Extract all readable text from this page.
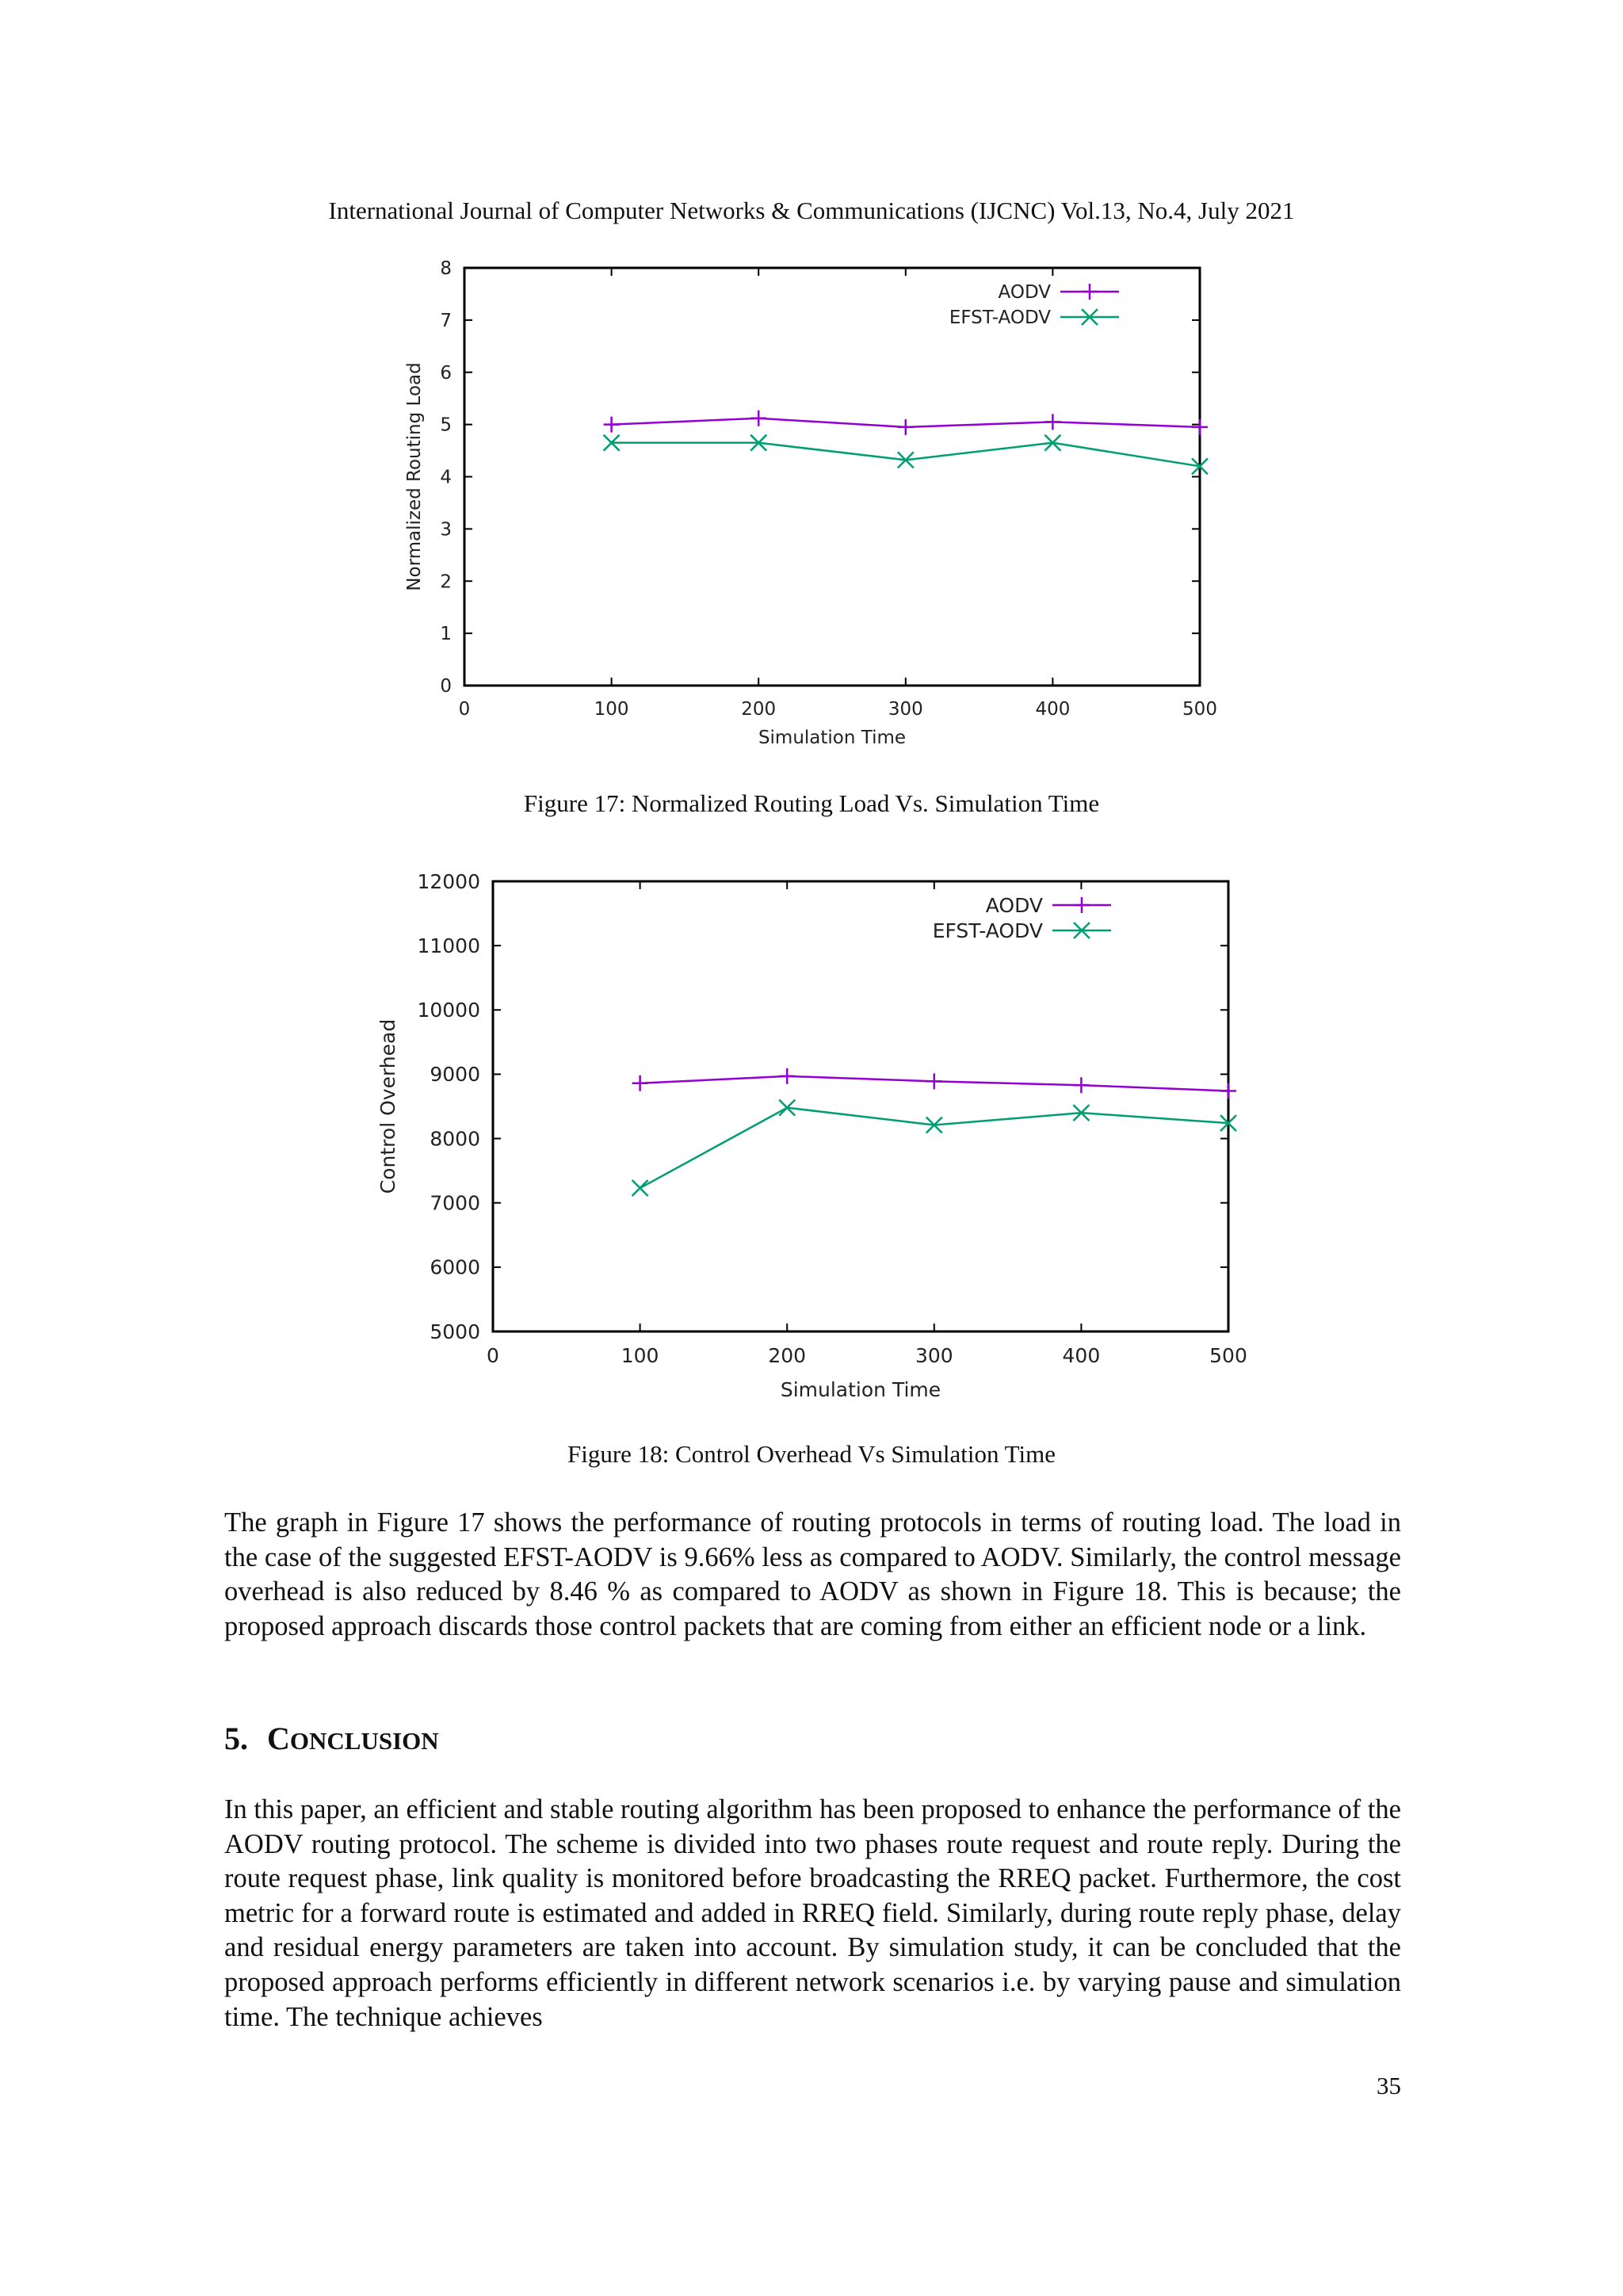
International Journal of Computer Networks & Communications (IJCNC) Vol.13, No.4, July 2021
0
1
2
3
4
5
6
7
8
0	100	200	300	400	500
Simulation Time
Normalized Routing Load
AODV
EFST-AODV
Figure 17: Normalized Routing Load Vs. Simulation Time
5000
6000
7000
8000
9000
10000
11000
12000
0	100	200	300	400	500
Simulation Time
Control Overhead
AODV
EFST-AODV
Figure 18: Control Overhead Vs Simulation Time

The graph in Figure 17 shows the performance of routing protocols in terms of routing load. The load in the case of the suggested EFST-AODV is 9.66% less as compared to AODV. Similarly, the control message overhead is also reduced by 8.46 % as compared to AODV as shown in Figure 18. This is because; the proposed approach discards those control packets that are coming from either an efficient node or a link.

5. CONCLUSION

In this paper, an efficient and stable routing algorithm has been proposed to enhance the performance of the AODV routing protocol. The scheme is divided into two phases route request and route reply. During the route request phase, link quality is monitored before broadcasting the RREQ packet. Furthermore, the cost metric for a forward route is estimated and added in RREQ field. Similarly, during route reply phase, delay and residual energy parameters are taken into account. By simulation study, it can be concluded that the proposed approach performs efficiently in different network scenarios i.e. by varying pause and simulation time. The technique achieves

35
